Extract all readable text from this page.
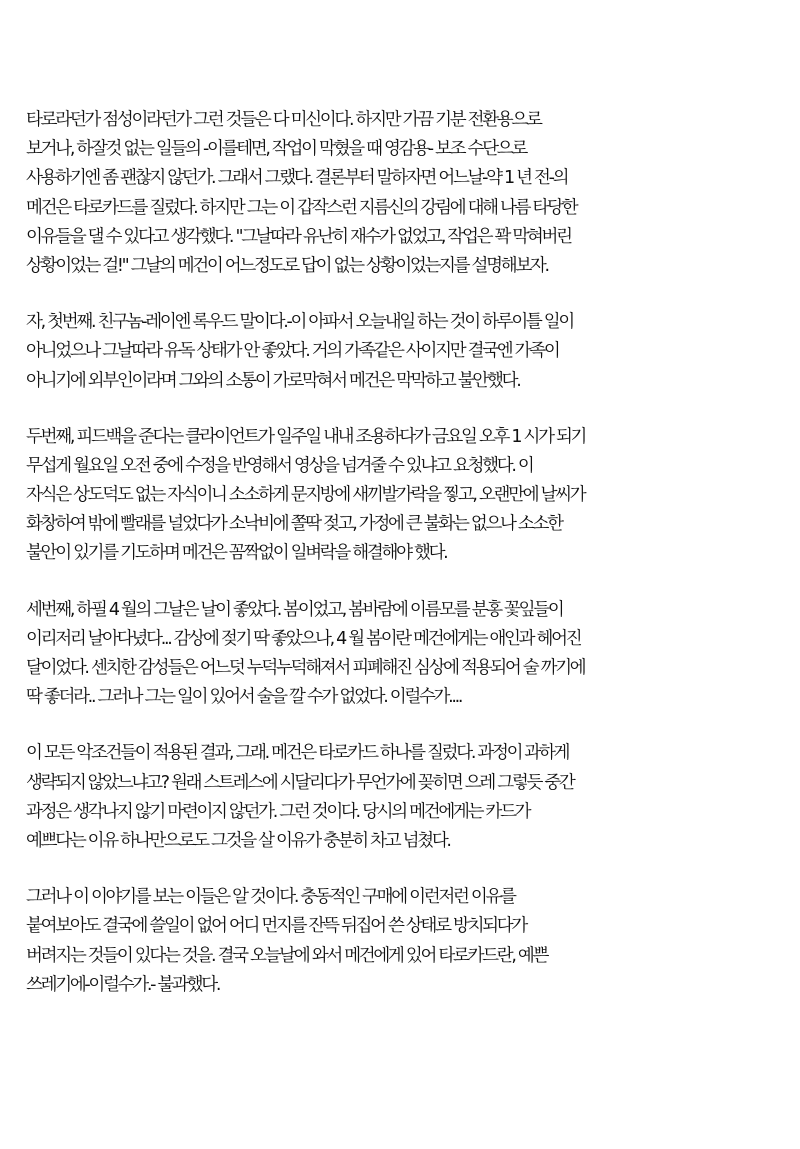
타로라던가 점성이라던가 그런 것들은 다 미신이다. 하지만 가끔 기분 전환용으로
보거나, 하잘것 없는 일들의 -이를테면, 작업이 막혔을 때 영감용- 보조 수단으로
사용하기엔 좀 괜찮지 않던가. 그래서 그랬다. 결론부터 말하자면 어느날-약 1 년 전-의
메건은 타로카드를 질렀다. 하지만 그는 이 갑작스런 지름신의 강림에 대해 나름 타당한
이유들을 댈 수 있다고 생각했다. "그날따라 유난히 재수가 없었고, 작업은 꽉 막혀버린
상황이었는 걸!" 그날의 메건이 어느정도로 답이 없는 상황이었는지를 설명해보자.
자, 첫번째. 친구놈-레이엔 록우드 말이다.-이 아파서 오늘내일 하는 것이 하루이틀 일이
아니었으나 그날따라 유독 상태가 안 좋았다. 거의 가족같은 사이지만 결국엔 가족이
아니기에 외부인이라며 그와의 소통이 가로막혀서 메건은 막막하고 불안했다.
두번째, 피드백을 준다는 클라이언트가 일주일 내내 조용하다가 금요일 오후 1 시가 되기
무섭게 월요일 오전 중에 수정을 반영해서 영상을 넘겨줄 수 있냐고 요청했다. 이
자식은 상도덕도 없는 자식이니 소소하게 문지방에 새끼발가락을 찧고, 오랜만에 날씨가
화창하여 밖에 빨래를 널었다가 소낙비에 쫄딱 젖고, 가정에 큰 불화는 없으나 소소한
불안이 있기를 기도하며 메건은 꼼짝없이 일벼락을 해결해야 했다.
세번째, 하필 4 월의 그날은 날이 좋았다. 봄이었고, 봄바람에 이름모를 분홍 꽃잎들이
이리저리 날아다녔다... 감상에 젖기 딱 좋았으나, 4 월 봄이란 메건에게는 애인과 헤어진
달이었다. 센치한 감성들은 어느덧 누덕누덕해져서 피폐해진 심상에 적용되어 술 까기에
딱 좋더라.. 그러나 그는 일이 있어서 술을 깔 수가 없었다. 이럴수가....
이 모든 악조건들이 적용된 결과, 그래. 메건은 타로카드 하나를 질렀다. 과정이 과하게
생략되지 않았느냐고? 원래 스트레스에 시달리다가 무언가에 꽂히면 으레 그렇듯 중간
과정은 생각나지 않기 마련이지 않던가. 그런 것이다. 당시의 메건에게는 카드가
예쁘다는 이유 하나만으로도 그것을 살 이유가 충분히 차고 넘쳤다.
그러나 이 이야기를 보는 이들은 알 것이다. 충동적인 구매에 이런저런 이유를
붙여보아도 결국에 쓸일이 없어 어디 먼지를 잔뜩 뒤집어 쓴 상태로 방치되다가
버려지는 것들이 있다는 것을. 결국 오늘날에 와서 메건에게 있어 타로카드란, 예쁜
쓰레기에-이럴수가.- 불과했다.
